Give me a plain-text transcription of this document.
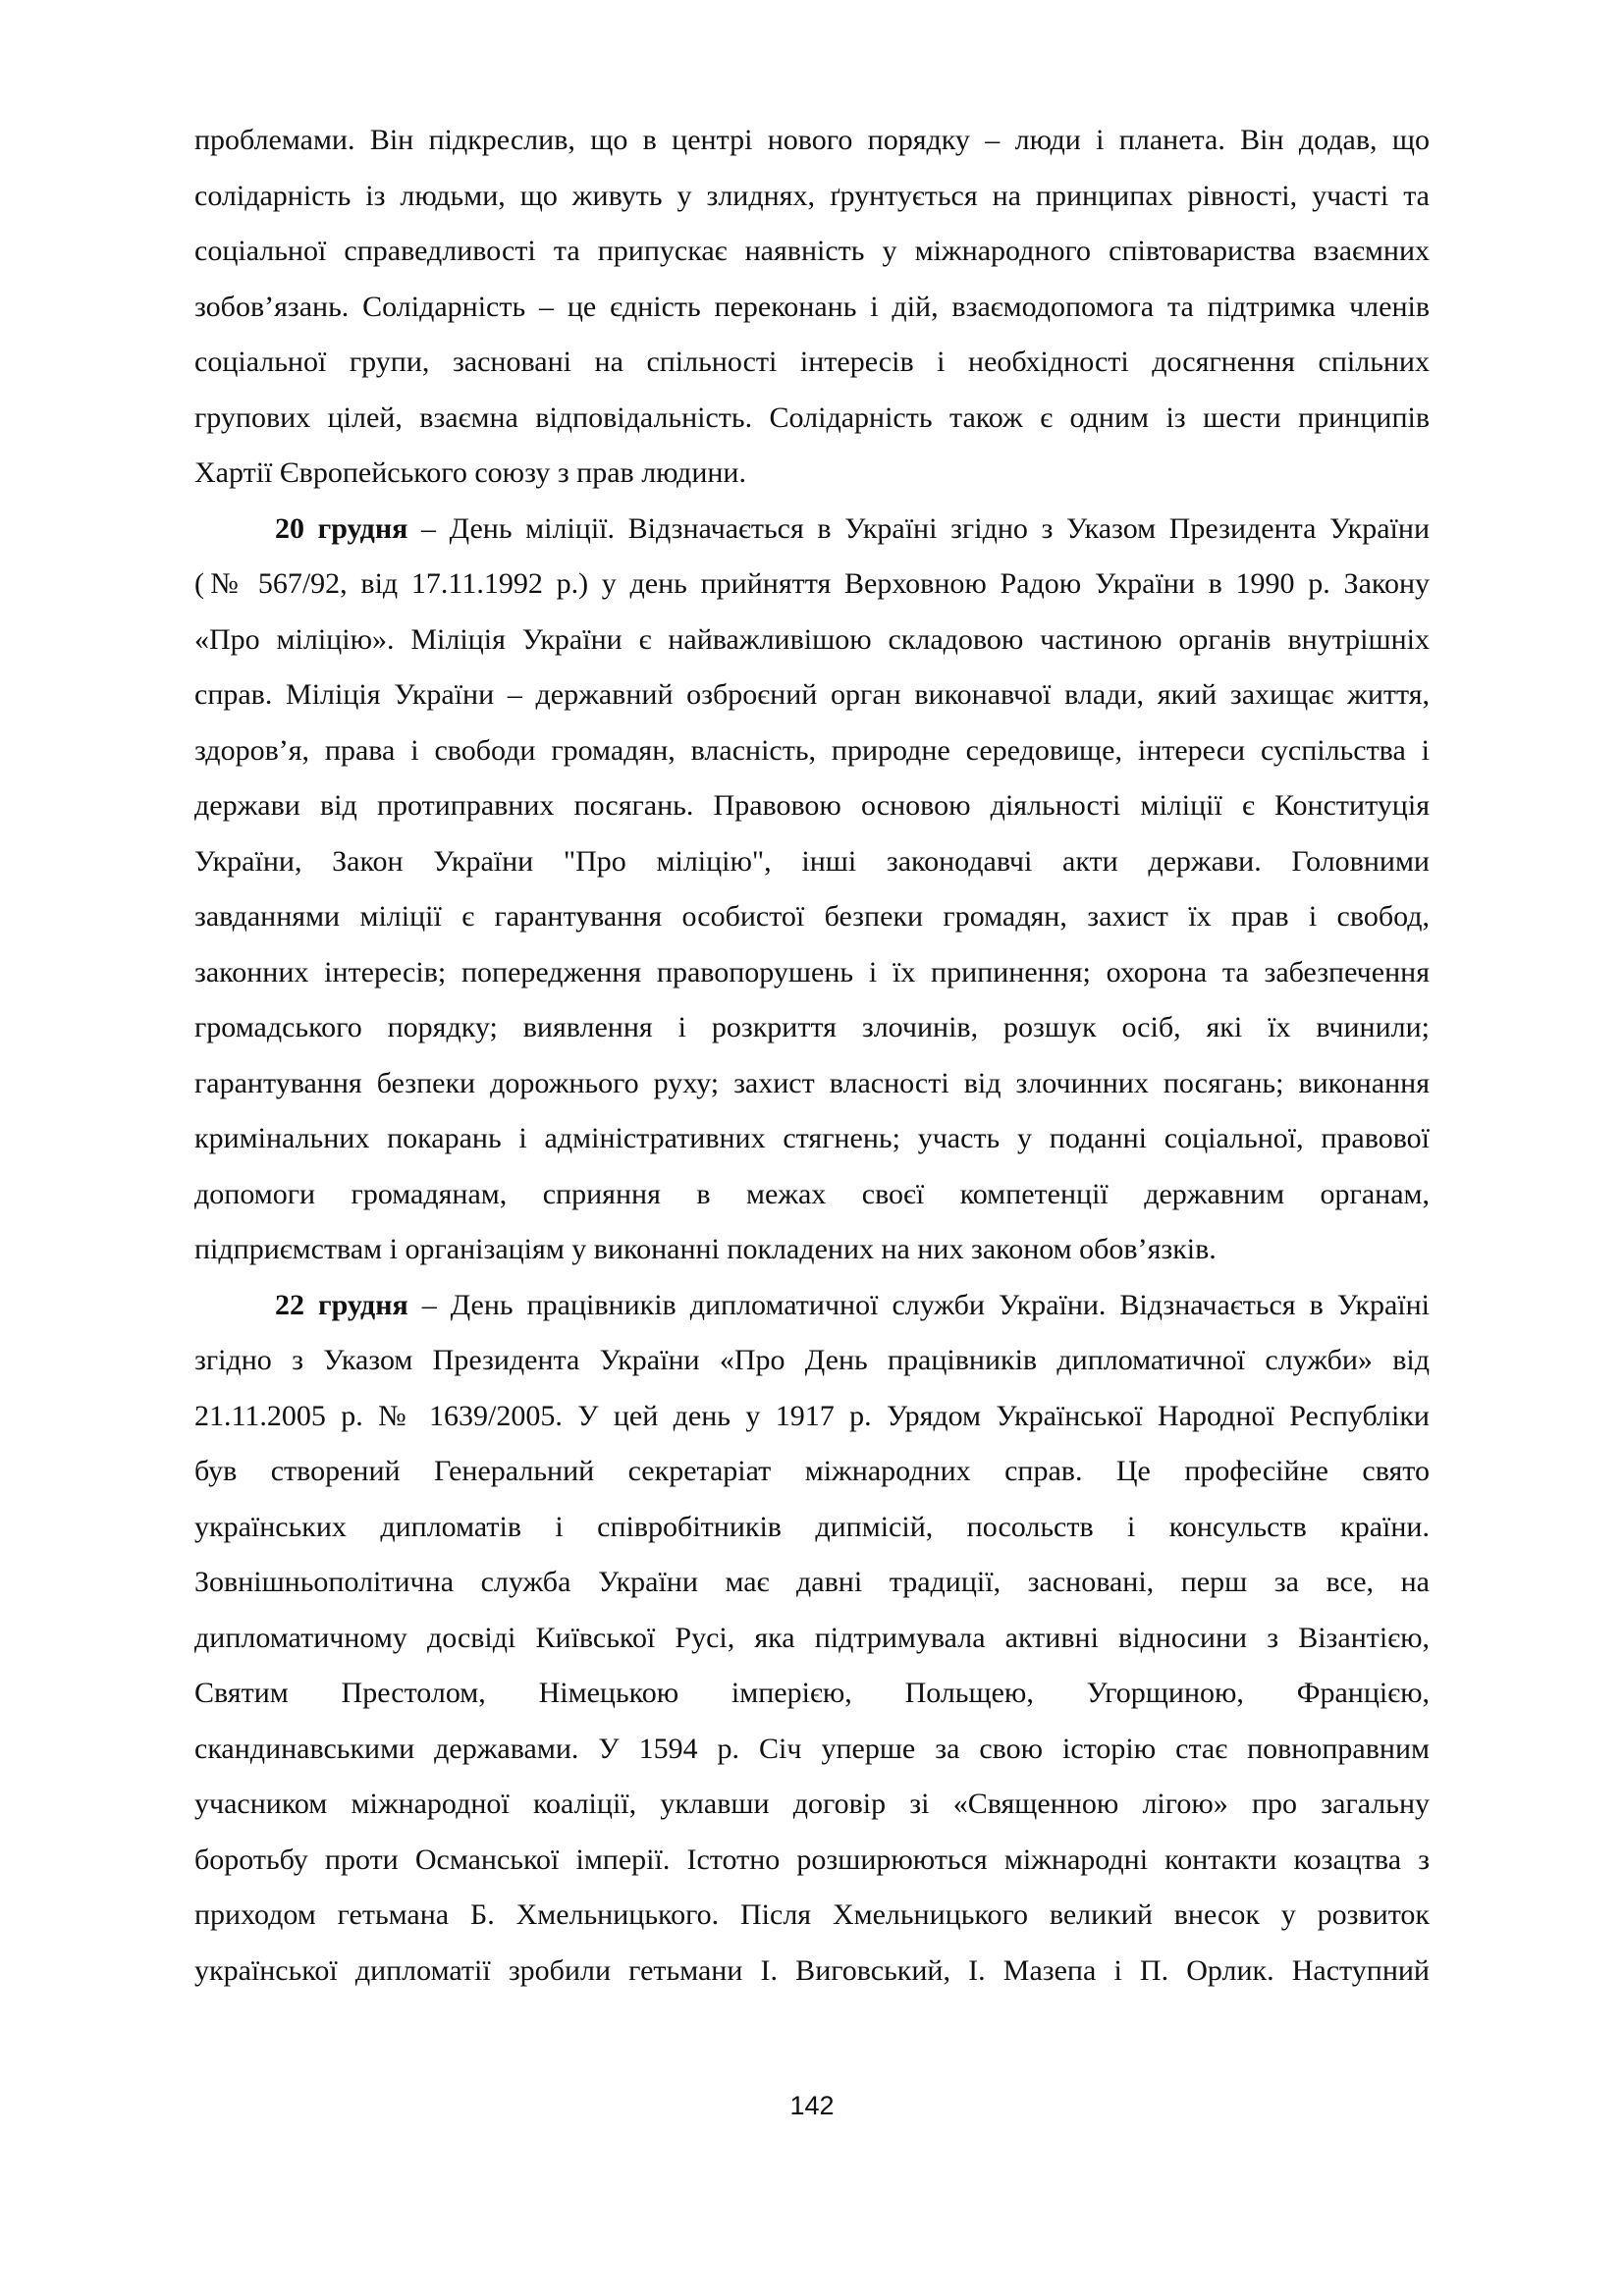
проблемами. Він підкреслив, що в центрі нового порядку – люди і планета. Він додав, що
солідарність із людьми, що живуть у злиднях, ґрунтується на принципах рівності, участі та
соціальної справедливості та припускає наявність у міжнародного співтовариства взаємних
зобов’язань. Солідарність – це єдність переконань і дій, взаємодопомога та підтримка членів
соціальної групи, засновані на спільності інтересів і необхідності досягнення спільних
групових цілей, взаємна відповідальність. Солідарність також є одним із шести принципів
Хартії Європейського союзу з прав людини.
20 грудня – День міліції. Відзначається в Україні згідно з Указом Президента України
(№ 567/92, від 17.11.1992 р.) у день прийняття Верховною Радою України в 1990 р. Закону
«Про міліцію». Міліція України є найважливішою складовою частиною органів внутрішніх
справ. Міліція України – державний озброєний орган виконавчої влади, який захищає життя,
здоров’я, права і свободи громадян, власність, природне середовище, інтереси суспільства і
держави від протиправних посягань. Правовою основою діяльності міліції є Конституція
України, Закон України "Про міліцію", інші законодавчі акти держави. Головними
завданнями міліції є гарантування особистої безпеки громадян, захист їх прав і свобод,
законних інтересів; попередження правопорушень і їх припинення; охорона та забезпечення
громадського порядку; виявлення і розкриття злочинів, розшук осіб, які їх вчинили;
гарантування безпеки дорожнього руху; захист власності від злочинних посягань; виконання
кримінальних покарань і адміністративних стягнень; участь у поданні соціальної, правової
допомоги громадянам, сприяння в межах своєї компетенції державним органам,
підприємствам і організаціям у виконанні покладених на них законом обов’язків.
22 грудня – День працівників дипломатичної служби України. Відзначається в Україні
згідно з Указом Президента України «Про День працівників дипломатичної служби» від
21.11.2005 р. № 1639/2005. У цей день у 1917 р. Урядом Української Народної Республіки
був створений Генеральний секретаріат міжнародних справ. Це професійне свято
українських дипломатів і співробітників дипмісій, посольств і консульств країни.
Зовнішньополітична служба України має давні традиції, засновані, перш за все, на
дипломатичному досвіді Київської Русі, яка підтримувала активні відносини з Візантією,
Святим Престолом, Німецькою імперією, Польщею, Угорщиною, Францією,
скандинавськими державами. У 1594 р. Січ уперше за свою історію стає повноправним
учасником міжнародної коаліції, уклавши договір зі «Священною лігою» про загальну
боротьбу проти Османської імперії. Істотно розширюються міжнародні контакти козацтва з
приходом гетьмана Б. Хмельницького. Після Хмельницького великий внесок у розвиток
української дипломатії зробили гетьмани І. Виговський, І. Мазепа і П. Орлик. Наступний
142
